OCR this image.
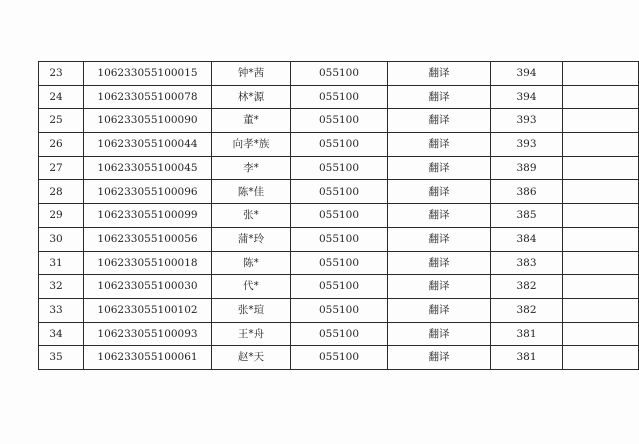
23	106233055100015	钟*茜	055100	翻译	394	
24	106233055100078	林*源	055100	翻译	394	
25	106233055100090	董*	055100	翻译	393	
26	106233055100044	向孝*族	055100	翻译	393	
27	106233055100045	李*	055100	翻译	389	
28	106233055100096	陈*佳	055100	翻译	386	
29	106233055100099	张*	055100	翻译	385	
30	106233055100056	蒲*玲	055100	翻译	384	
31	106233055100018	陈*	055100	翻译	383	
32	106233055100030	代*	055100	翻译	382	
33	106233055100102	张*瑄	055100	翻译	382	
34	106233055100093	王*舟	055100	翻译	381	
35	106233055100061	赵*天	055100	翻译	381	
